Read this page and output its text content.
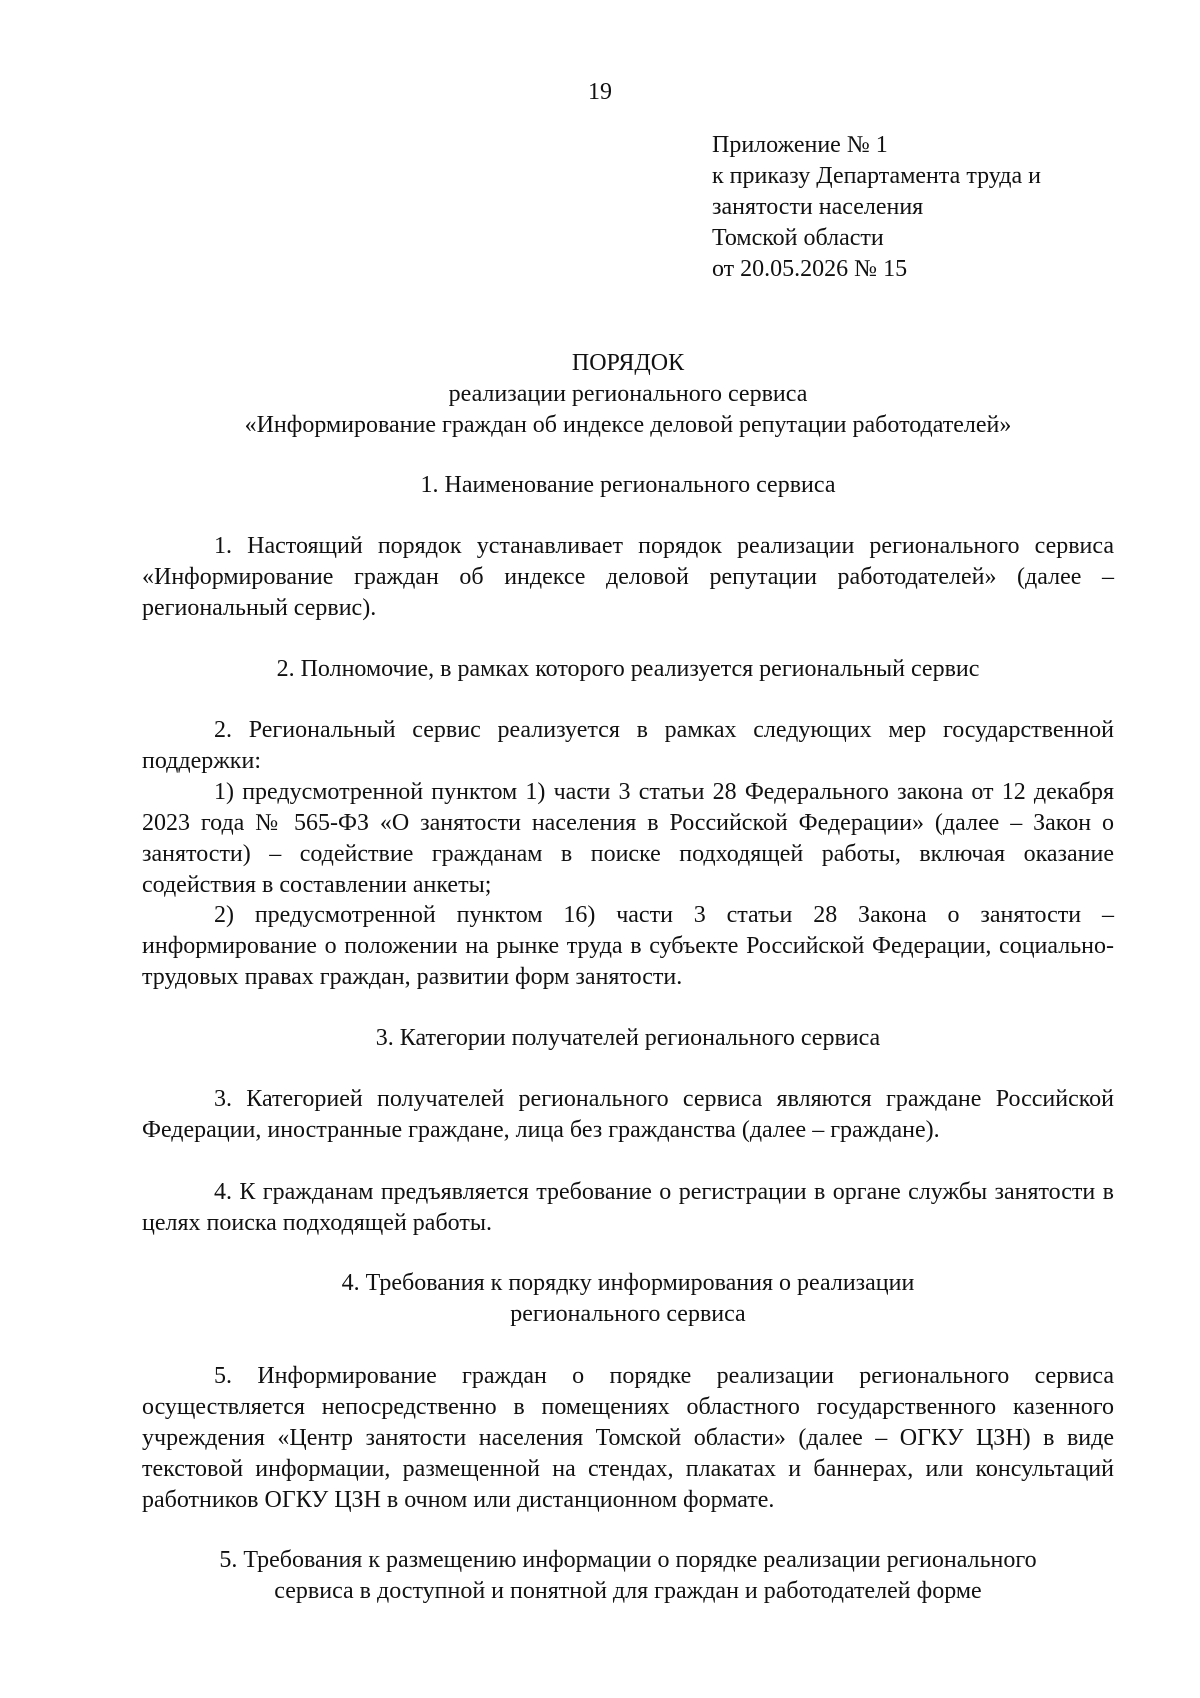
19
Приложение № 1
к приказу Департамента труда и
занятости населения
Томской области
от 20.05.2026 № 15
ПОРЯДОК
реализации регионального сервиса
«Информирование граждан об индексе деловой репутации работодателей»
1. Наименование регионального сервиса
1. Настоящий порядок устанавливает порядок реализации регионального сервиса «Информирование граждан об индексе деловой репутации работодателей» (далее – региональный сервис).
2. Полномочие, в рамках которого реализуется региональный сервис
2. Региональный сервис реализуется в рамках следующих мер государственной поддержки:
1) предусмотренной пунктом 1) части 3 статьи 28 Федерального закона от 12 декабря 2023 года № 565-ФЗ «О занятости населения в Российской Федерации» (далее – Закон о занятости) – содействие гражданам в поиске подходящей работы, включая оказание содействия в составлении анкеты;
2) предусмотренной пунктом 16) части 3 статьи 28 Закона о занятости – информирование о положении на рынке труда в субъекте Российской Федерации, социально-трудовых правах граждан, развитии форм занятости.
3. Категории получателей регионального сервиса
3. Категорией получателей регионального сервиса являются граждане Российской Федерации, иностранные граждане, лица без гражданства (далее – граждане).
4. К гражданам предъявляется требование о регистрации в органе службы занятости в целях поиска подходящей работы.
4. Требования к порядку информирования о реализации
регионального сервиса
5. Информирование граждан о порядке реализации регионального сервиса осуществляется непосредственно в помещениях областного государственного казенного учреждения «Центр занятости населения Томской области» (далее – ОГКУ ЦЗН) в виде текстовой информации, размещенной на стендах, плакатах и баннерах, или консультаций работников ОГКУ ЦЗН в очном или дистанционном формате.
5. Требования к размещению информации о порядке реализации регионального
сервиса в доступной и понятной для граждан и работодателей форме
